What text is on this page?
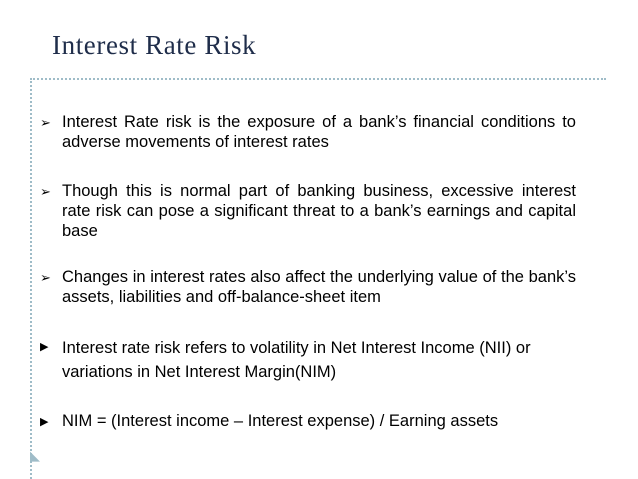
Interest Rate Risk
➢ Interest Rate risk is the exposure of a bank’s financial conditions to adverse movements of interest rates
➢ Though this is normal part of banking business, excessive interest rate risk can pose a significant threat to a bank’s earnings and capital base
➢ Changes in interest rates also affect the underlying value of the bank’s assets, liabilities and off-balance-sheet item
▶ Interest rate risk refers to volatility in Net Interest Income (NII) or variations in Net Interest Margin(NIM)
▶ NIM = (Interest income – Interest expense) / Earning assets
◣
